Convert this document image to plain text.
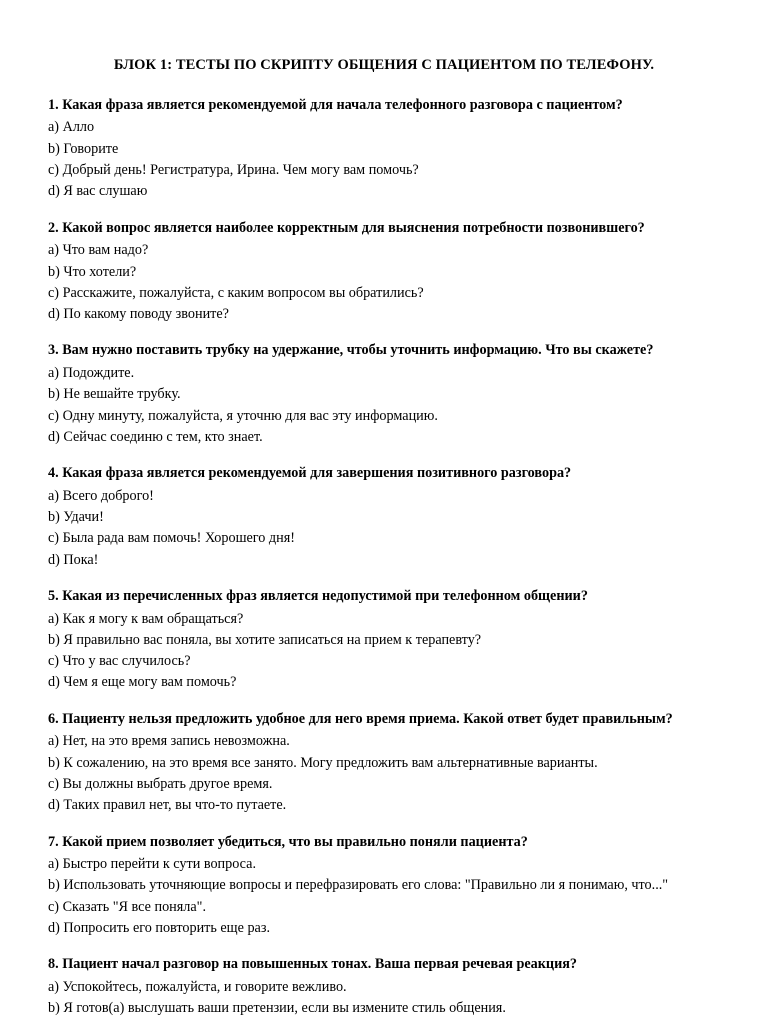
БЛОК 1: ТЕСТЫ ПО СКРИПТУ ОБЩЕНИЯ С ПАЦИЕНТОМ ПО ТЕЛЕФОНУ.

1. Какая фраза является рекомендуемой для начала телефонного разговора с пациентом?

a) Алло

b) Говорите

c) Добрый день! Регистратура, Ирина. Чем могу вам помочь?

d) Я вас слушаю

2. Какой вопрос является наиболее корректным для выяснения потребности позвонившего?

a) Что вам надо?

b) Что хотели?

c) Расскажите, пожалуйста, с каким вопросом вы обратились?

d) По какому поводу звоните?

3. Вам нужно поставить трубку на удержание, чтобы уточнить информацию. Что вы скажете?

a) Подождите.

b) Не вешайте трубку.

c) Одну минуту, пожалуйста, я уточню для вас эту информацию.

d) Сейчас соединю с тем, кто знает.

4. Какая фраза является рекомендуемой для завершения позитивного разговора?

a) Всего доброго!

b) Удачи!

c) Была рада вам помочь! Хорошего дня!

d) Пока!

5. Какая из перечисленных фраз является недопустимой при телефонном общении?

a) Как я могу к вам обращаться?

b) Я правильно вас поняла, вы хотите записаться на прием к терапевту?

c) Что у вас случилось?

d) Чем я еще могу вам помочь?

6. Пациенту нельзя предложить удобное для него время приема. Какой ответ будет правильным?

a) Нет, на это время запись невозможна.

b) К сожалению, на это время все занято. Могу предложить вам альтернативные варианты.

c) Вы должны выбрать другое время.

d) Таких правил нет, вы что-то путаете.

7. Какой прием позволяет убедиться, что вы правильно поняли пациента?

a) Быстро перейти к сути вопроса.

b) Использовать уточняющие вопросы и перефразировать его слова: "Правильно ли я понимаю, что..."

c) Сказать "Я все поняла".

d) Попросить его повторить еще раз.

8. Пациент начал разговор на повышенных тонах. Ваша первая речевая реакция?

a) Успокойтесь, пожалуйста, и говорите вежливо.

b) Я готов(а) выслушать ваши претензии, если вы измените стиль общения.
